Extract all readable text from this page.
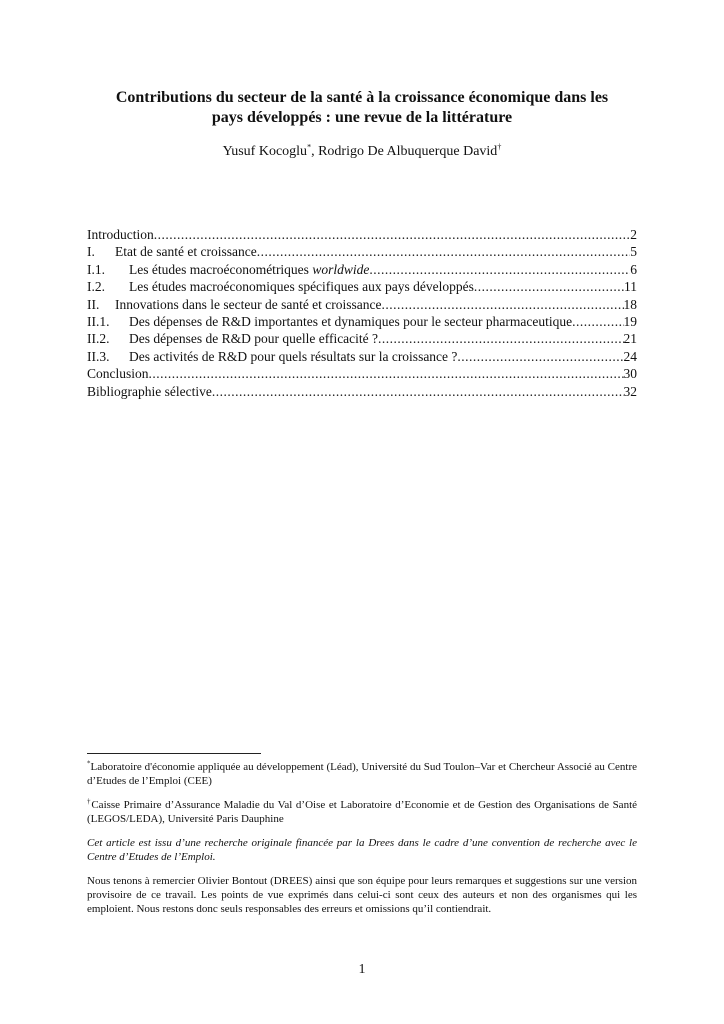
Contributions du secteur de la santé à la croissance économique dans les
pays développés : une revue de la littérature
Yusuf Kocoglu*, Rodrigo De Albuquerque David†
Introduction .....	2
I.	Etat de santé et croissance .....	5
I.1.	Les études macroéconométriques worldwide .....	6
I.2.	Les études macroéconomiques spécifiques aux pays développés .....	11
II.	Innovations dans le secteur de santé et croissance .....	18
II.1.	Des dépenses de R&D importantes et dynamiques pour le secteur pharmaceutique .....	19
II.2.	Des dépenses de R&D pour quelle efficacité ? .....	21
II.3.	Des activités de R&D pour quels résultats sur la croissance ? .....	24
Conclusion .....	30
Bibliographie sélective .....	32

*Laboratoire d'économie appliquée au développement (Léad), Université du Sud Toulon–Var et Chercheur Associé au Centre d’Etudes de l’Emploi (CEE)

†Caisse Primaire d’Assurance Maladie du Val d’Oise et Laboratoire d’Economie et de Gestion des Organisations de Santé (LEGOS/LEDA), Université Paris Dauphine

Cet article est issu d’une recherche originale financée par la Drees dans le cadre d’une convention de recherche avec le Centre d’Etudes de l’Emploi.

Nous tenons à remercier Olivier Bontout (DREES) ainsi que son équipe pour leurs remarques et suggestions sur une version provisoire de ce travail. Les points de vue exprimés dans celui-ci sont ceux des auteurs et non des organismes qui les emploient. Nous restons donc seuls responsables des erreurs et omissions qu’il contiendrait.

1
